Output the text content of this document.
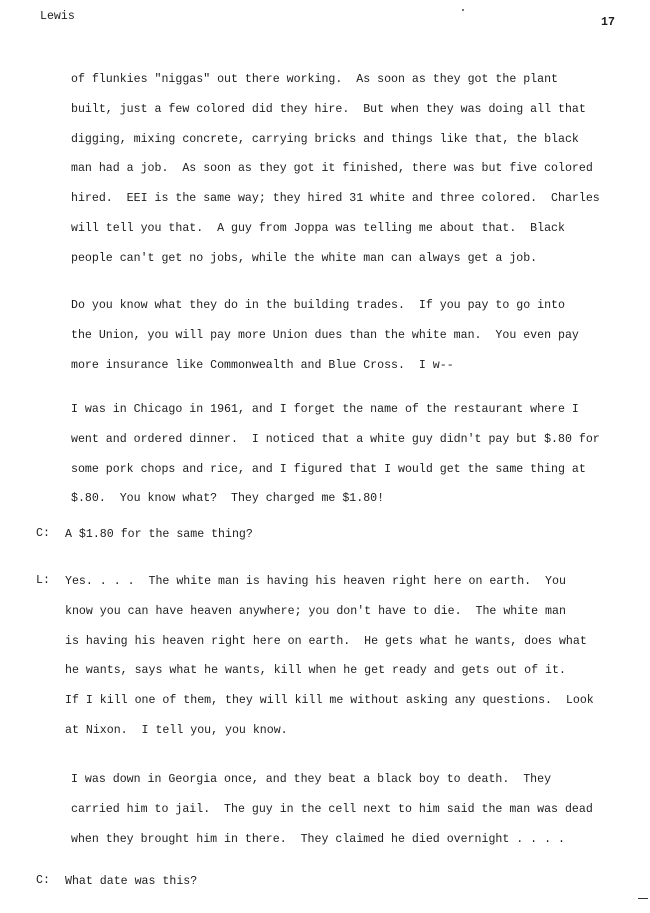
Lewis	17
of flunkies "niggas" out there working.  As soon as they got the plant
built, just a few colored did they hire.  But when they was doing all that
digging, mixing concrete, carrying bricks and things like that, the black
man had a job.  As soon as they got it finished, there was but five colored
hired.  EEI is the same way; they hired 31 white and three colored.  Charles
will tell you that.  A guy from Joppa was telling me about that.  Black
people can't get no jobs, while the white man can always get a job.
Do you know what they do in the building trades.  If you pay to go into
the Union, you will pay more Union dues than the white man.  You even pay
more insurance like Commonwealth and Blue Cross.  I w--
I was in Chicago in 1961, and I forget the name of the restaurant where I
went and ordered dinner.  I noticed that a white guy didn't pay but $.80 for
some pork chops and rice, and I figured that I would get the same thing at
$.80.  You know what?  They charged me $1.80!
C: A $1.80 for the same thing?
L: Yes. . . .  The white man is having his heaven right here on earth.  You
know you can have heaven anywhere; you don't have to die.  The white man
is having his heaven right here on earth.  He gets what he wants, does what
he wants, says what he wants, kill when he get ready and gets out of it.
If I kill one of them, they will kill me without asking any questions.  Look
at Nixon.  I tell you, you know.
I was down in Georgia once, and they beat a black boy to death.  They
carried him to jail.  The guy in the cell next to him said the man was dead
when they brought him in there.  They claimed he died overnight . . . .
C: What date was this?
